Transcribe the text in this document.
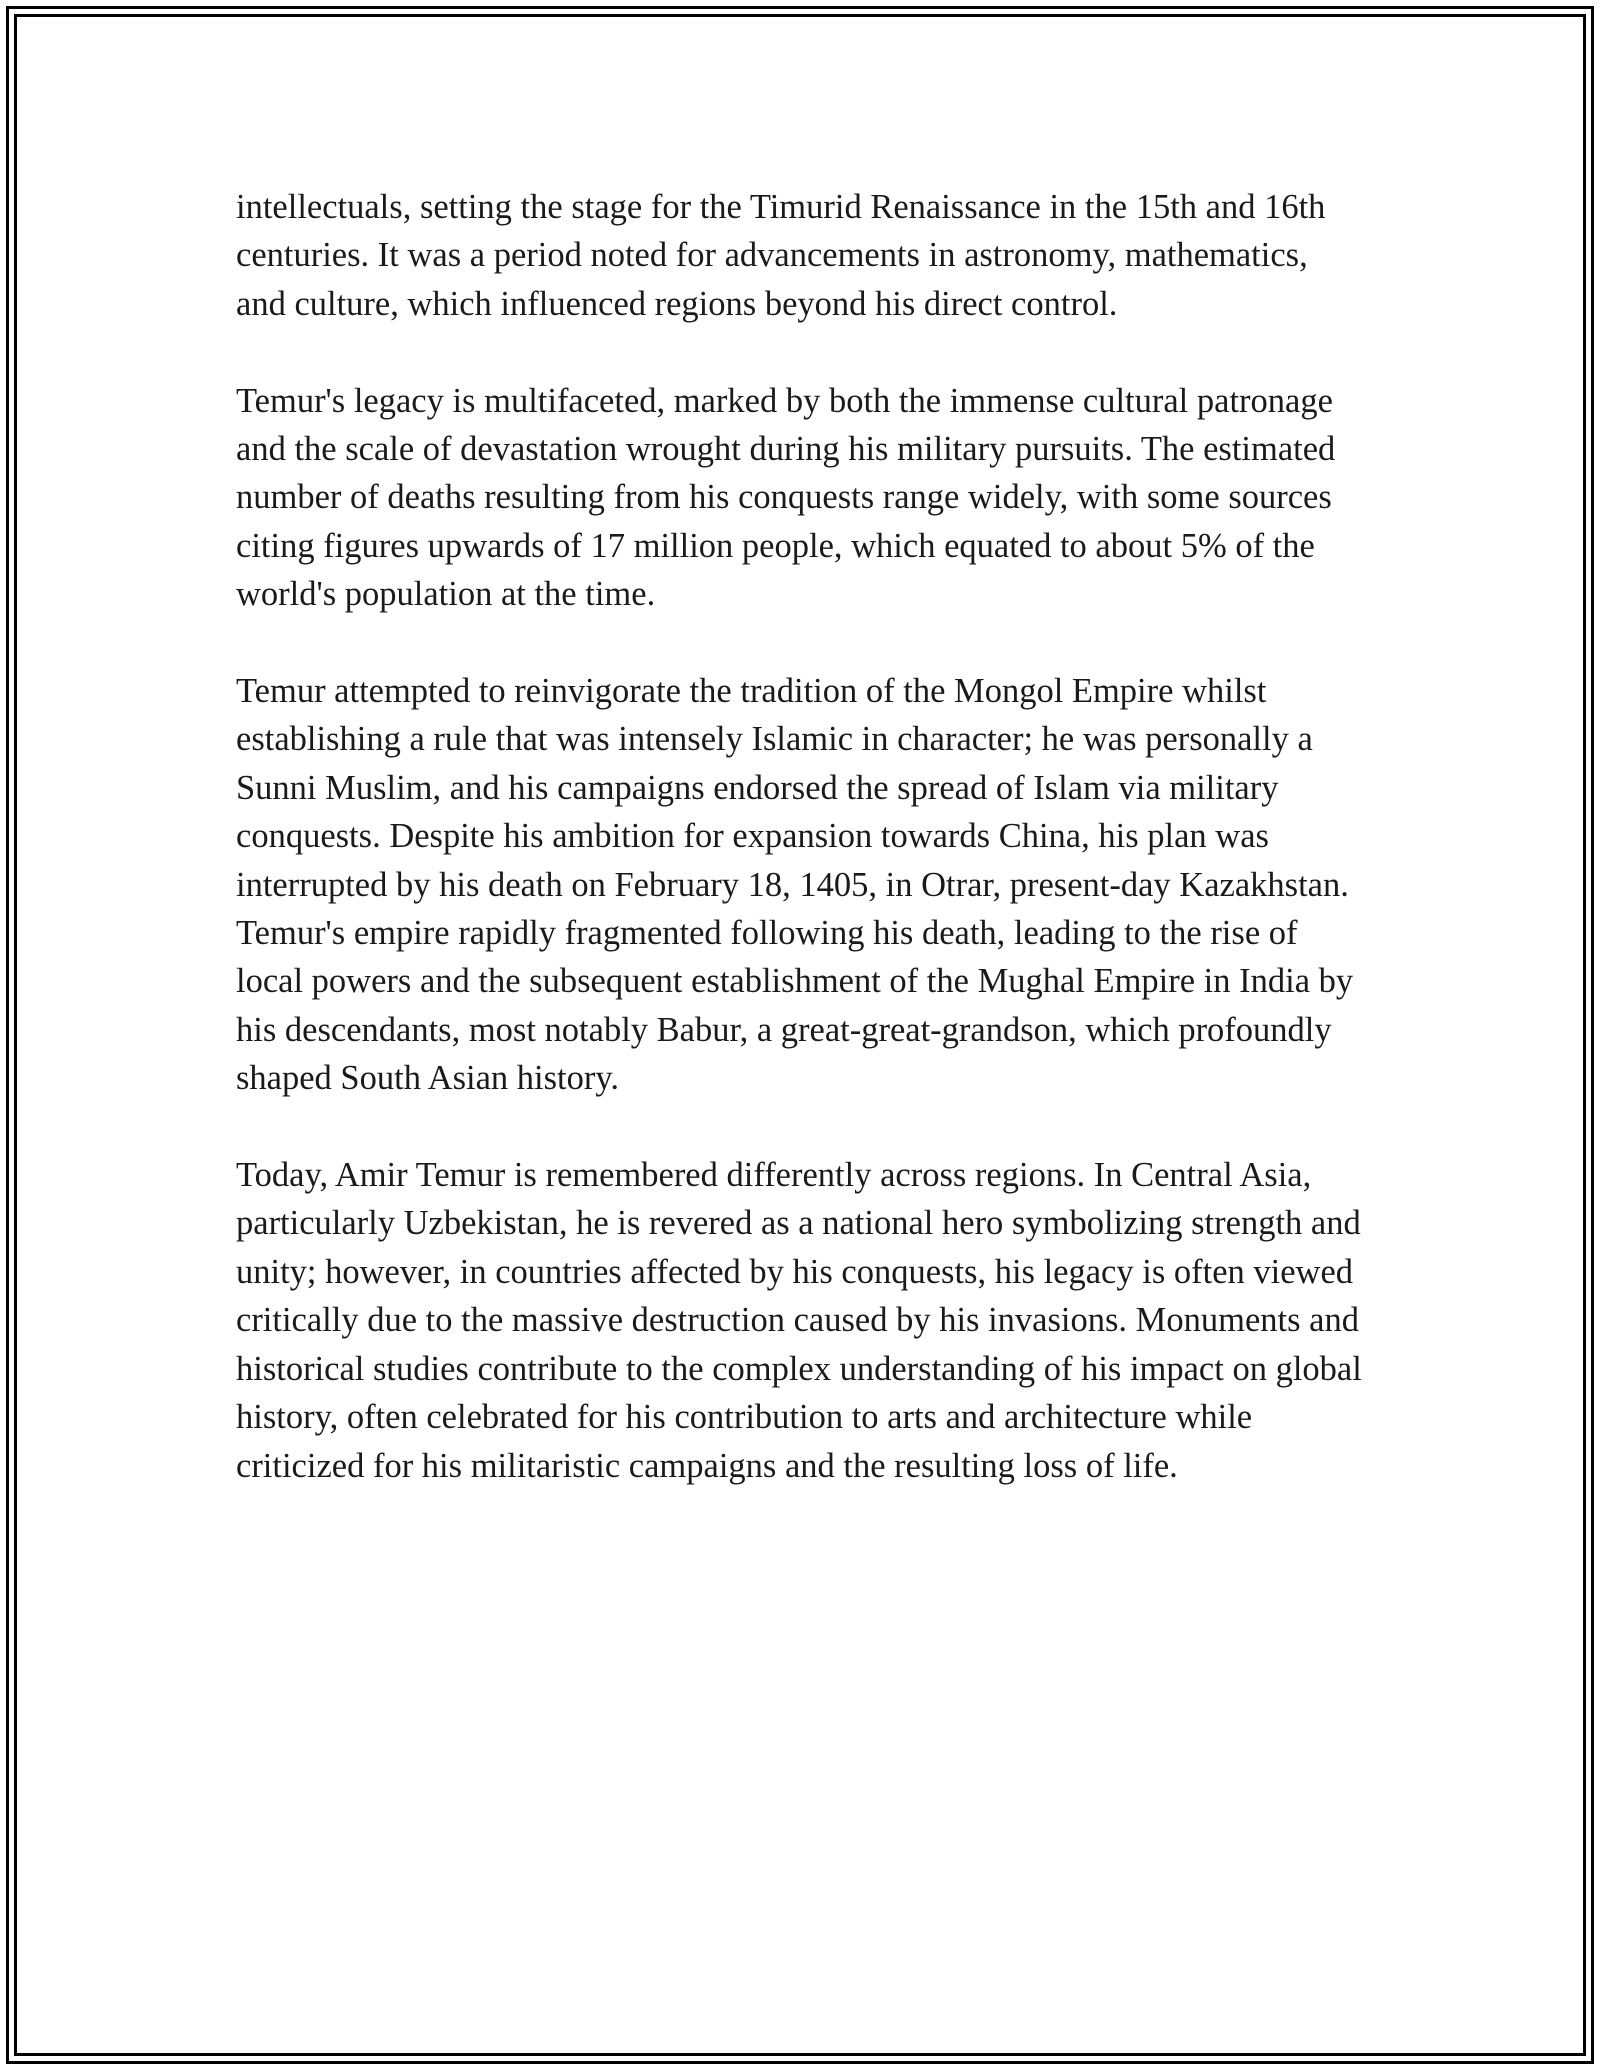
intellectuals, setting the stage for the Timurid Renaissance in the 15th and 16th centuries. It was a period noted for advancements in astronomy, mathematics, and culture, which influenced regions beyond his direct control.

Temur's legacy is multifaceted, marked by both the immense cultural patronage and the scale of devastation wrought during his military pursuits. The estimated number of deaths resulting from his conquests range widely, with some sources citing figures upwards of 17 million people, which equated to about 5% of the world's population at the time.

Temur attempted to reinvigorate the tradition of the Mongol Empire whilst establishing a rule that was intensely Islamic in character; he was personally a Sunni Muslim, and his campaigns endorsed the spread of Islam via military conquests. Despite his ambition for expansion towards China, his plan was interrupted by his death on February 18, 1405, in Otrar, present-day Kazakhstan. Temur's empire rapidly fragmented following his death, leading to the rise of local powers and the subsequent establishment of the Mughal Empire in India by his descendants, most notably Babur, a great-great-grandson, which profoundly shaped South Asian history.

Today, Amir Temur is remembered differently across regions. In Central Asia, particularly Uzbekistan, he is revered as a national hero symbolizing strength and unity; however, in countries affected by his conquests, his legacy is often viewed critically due to the massive destruction caused by his invasions. Monuments and historical studies contribute to the complex understanding of his impact on global history, often celebrated for his contribution to arts and architecture while criticized for his militaristic campaigns and the resulting loss of life.
